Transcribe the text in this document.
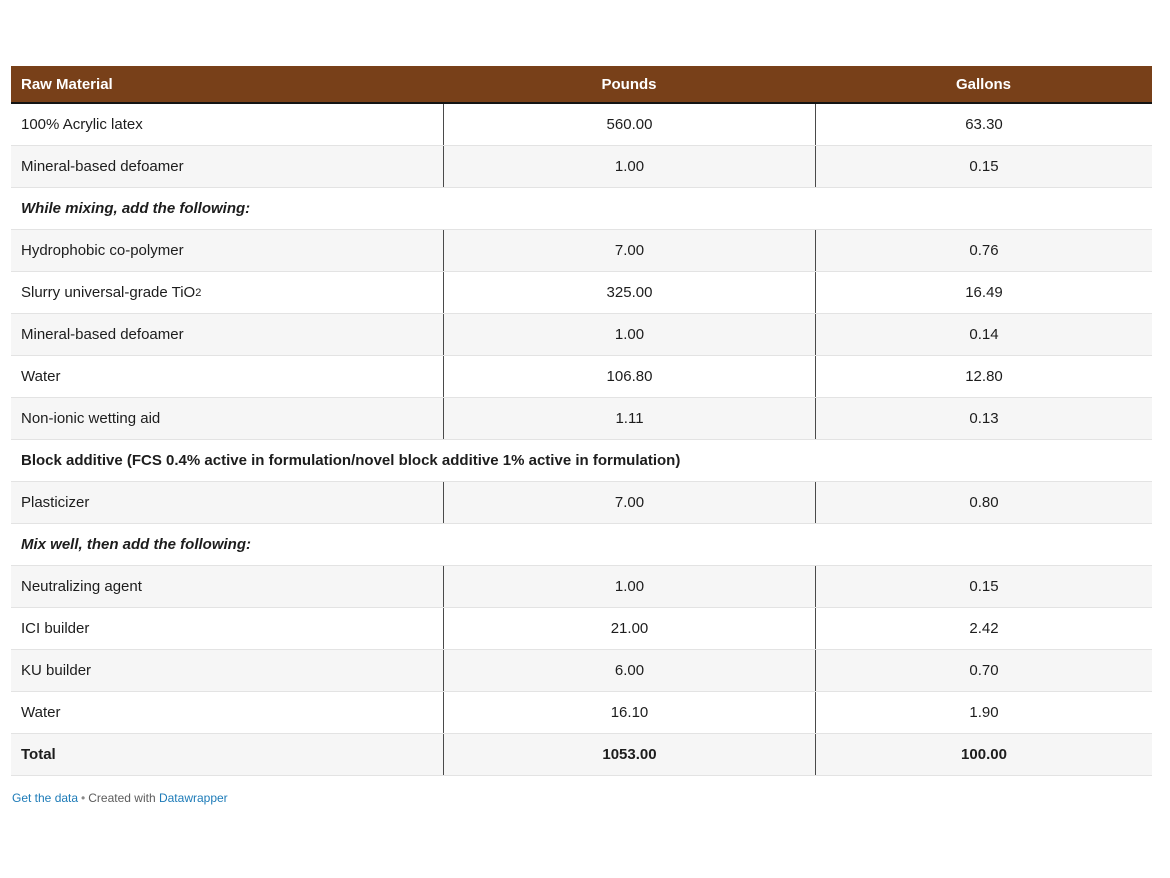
Raw Material	Pounds	Gallons
100% Acrylic latex	560.00	63.30
Mineral-based defoamer	1.00	0.15
While mixing, add the following:
Hydrophobic co-polymer	7.00	0.76
Slurry universal-grade TiO 2	325.00	16.49
Mineral-based defoamer	1.00	0.14
Water	106.80	12.80
Non-ionic wetting aid	1.11	0.13
Block additive (FCS 0.4% active in formulation/novel block additive 1% active in formulation)
Plasticizer	7.00	0.80
Mix well, then add the following:
Neutralizing agent	1.00	0.15
ICI builder	21.00	2.42
KU builder	6.00	0.70
Water	16.10	1.90
Total	1053.00	100.00
Get the data • Created with Datawrapper
